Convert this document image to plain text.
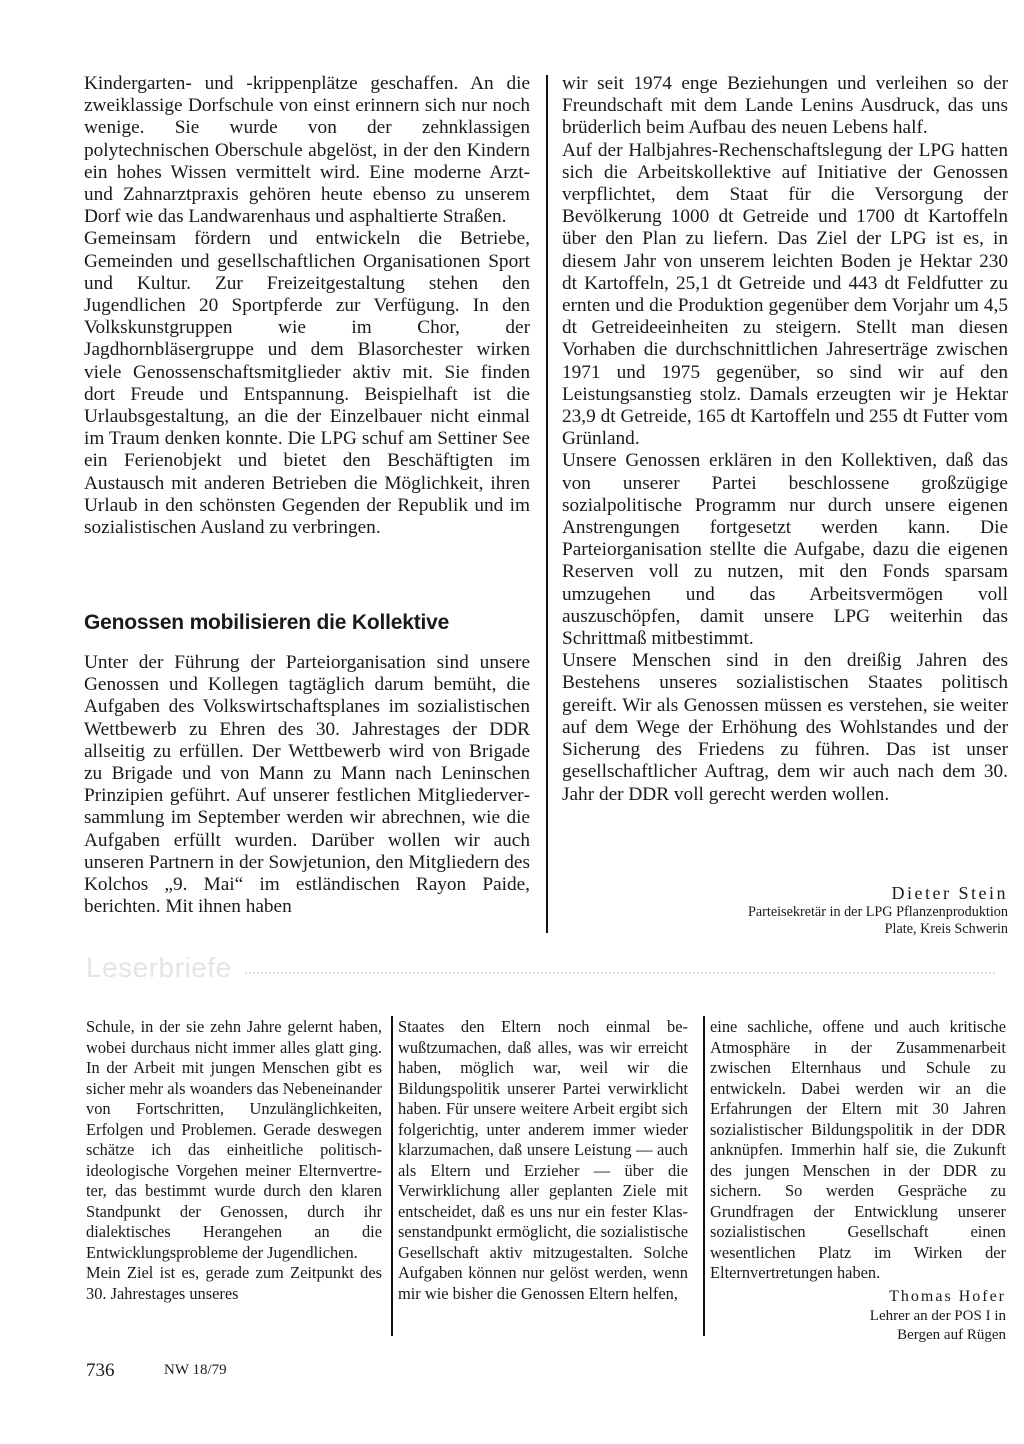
Kindergarten- und -krippenplätze geschaffen. An die zweiklassige Dorfschule von einst erinnern sich nur noch wenige. Sie wurde von der zehnklassigen polytechnischen Oberschule abgelöst, in der den Kindern ein hohes Wissen vermittelt wird. Eine moderne Arzt- und Zahnarztpraxis gehören heute ebenso zu unserem Dorf wie das Landwarenhaus und asphaltierte Straßen.

Gemeinsam fördern und entwickeln die Betriebe, Gemeinden und gesellschaftlichen Organisationen Sport und Kultur. Zur Freizeitgestaltung stehen den Jugendlichen 20 Sportpferde zur Verfügung. In den Volkskunstgruppen wie im Chor, der Jagdhornbläsergruppe und dem Blasorchester wirken viele Genossenschaftsmitglieder aktiv mit. Sie finden dort Freude und Entspannung. Beispielhaft ist die Urlaubsgestaltung, an die der Einzelbauer nicht einmal im Traum denken konnte. Die LPG schuf am Settiner See ein Ferienobjekt und bietet den Beschäftigten im Austausch mit anderen Betrieben die Möglichkeit, ihren Urlaub in den schönsten Gegenden der Republik und im sozialistischen Ausland zu verbringen.

Genossen mobilisieren die Kollektive

Unter der Führung der Parteiorganisation sind unsere Genossen und Kollegen tagtäglich darum bemüht, die Aufgaben des Volkswirtschaftsplanes im sozialistischen Wettbewerb zu Ehren des 30. Jahrestages der DDR allseitig zu erfüllen. Der Wettbewerb wird von Brigade zu Brigade und von Mann zu Mann nach Leninschen Prinzipien geführt. Auf unserer festlichen Mitgliederversammlung im September werden wir abrechnen, wie die Aufgaben erfüllt wurden. Darüber wollen wir auch unseren Partnern in der Sowjetunion, den Mitgliedern des Kolchos „9. Mai“ im estländischen Rayon Paide, berichten. Mit ihnen haben

wir seit 1974 enge Beziehungen und verleihen so der Freundschaft mit dem Lande Lenins Ausdruck, das uns brüderlich beim Aufbau des neuen Lebens half.

Auf der Halbjahres-Rechenschaftslegung der LPG hatten sich die Arbeitskollektive auf Initiative der Genossen verpflichtet, dem Staat für die Versorgung der Bevölkerung 1000 dt Getreide und 1700 dt Kartoffeln über den Plan zu liefern. Das Ziel der LPG ist es, in diesem Jahr von unserem leichten Boden je Hektar 230 dt Kartoffeln, 25,1 dt Getreide und 443 dt Feldfutter zu ernten und die Produktion gegenüber dem Vorjahr um 4,5 dt Getreideeinheiten zu steigern. Stellt man diesen Vorhaben die durchschnittlichen Jahreserträge zwischen 1971 und 1975 gegenüber, so sind wir auf den Leistungsanstieg stolz. Damals erzeugten wir je Hektar 23,9 dt Getreide, 165 dt Kartoffeln und 255 dt Futter vom Grünland.

Unsere Genossen erklären in den Kollektiven, daß das von unserer Partei beschlossene großzügige sozialpolitische Programm nur durch unsere eigenen Anstrengungen fortgesetzt werden kann. Die Parteiorganisation stellte die Aufgabe, dazu die eigenen Reserven voll zu nutzen, mit den Fonds sparsam umzugehen und das Arbeitsvermögen voll auszuschöpfen, damit unsere LPG weiterhin das Schrittmaß mitbestimmt.

Unsere Menschen sind in den dreißig Jahren des Bestehens unseres sozialistischen Staates politisch gereift. Wir als Genossen müssen es verstehen, sie weiter auf dem Wege der Erhöhung des Wohlstandes und der Sicherung des Friedens zu führen. Das ist unser gesellschaftlicher Auftrag, dem wir auch nach dem 30. Jahr der DDR voll gerecht werden wollen.

Dieter Stein
Parteisekretär in der LPG Pflanzenproduktion
Plate, Kreis Schwerin
Leserbriefe

Schule, in der sie zehn Jahre gelernt haben, wobei durchaus nicht immer alles glatt ging. In der Arbeit mit jungen Menschen gibt es sicher mehr als woanders das Nebeneinander von Fortschritten, Unzulänglichkeiten, Erfolgen und Problemen. Gerade deswegen schätze ich das einheitliche politisch-ideologische Vorgehen meiner Elternvertreter, das bestimmt wurde durch den klaren Standpunkt der Genossen, durch ihr dialektisches Herangehen an die Entwicklungsprobleme der Jugendlichen.

Mein Ziel ist es, gerade zum Zeitpunkt des 30. Jahrestages unseres

Staates den Eltern noch einmal bewußtzumachen, daß alles, was wir erreicht haben, möglich war, weil wir die Bildungspolitik unserer Partei verwirklicht haben. Für unsere weitere Arbeit ergibt sich folgerichtig, unter anderem immer wieder klarzumachen, daß unsere Leistung — auch als Eltern und Erzieher — über die Verwirklichung aller geplanten Ziele mit entscheidet, daß es uns nur ein fester Klassenstandpunkt ermöglicht, die sozialistische Gesellschaft aktiv mitzugestalten. Solche Aufgaben können nur gelöst werden, wenn mir wie bisher die Genossen Eltern helfen,

eine sachliche, offene und auch kritische Atmosphäre in der Zusammenarbeit zwischen Elternhaus und Schule zu entwickeln. Dabei werden wir an die Erfahrungen der Eltern mit 30 Jahren sozialistischer Bildungspolitik in der DDR anknüpfen. Immerhin half sie, die Zukunft des jungen Menschen in der DDR zu sichern. So werden Gespräche zu Grundfragen der Entwicklung unserer sozialistischen Gesellschaft einen wesentlichen Platz im Wirken der Elternvertretungen haben.

Thomas Hofer
Lehrer an der POS I in
Bergen auf Rügen
736	NW 18/79
